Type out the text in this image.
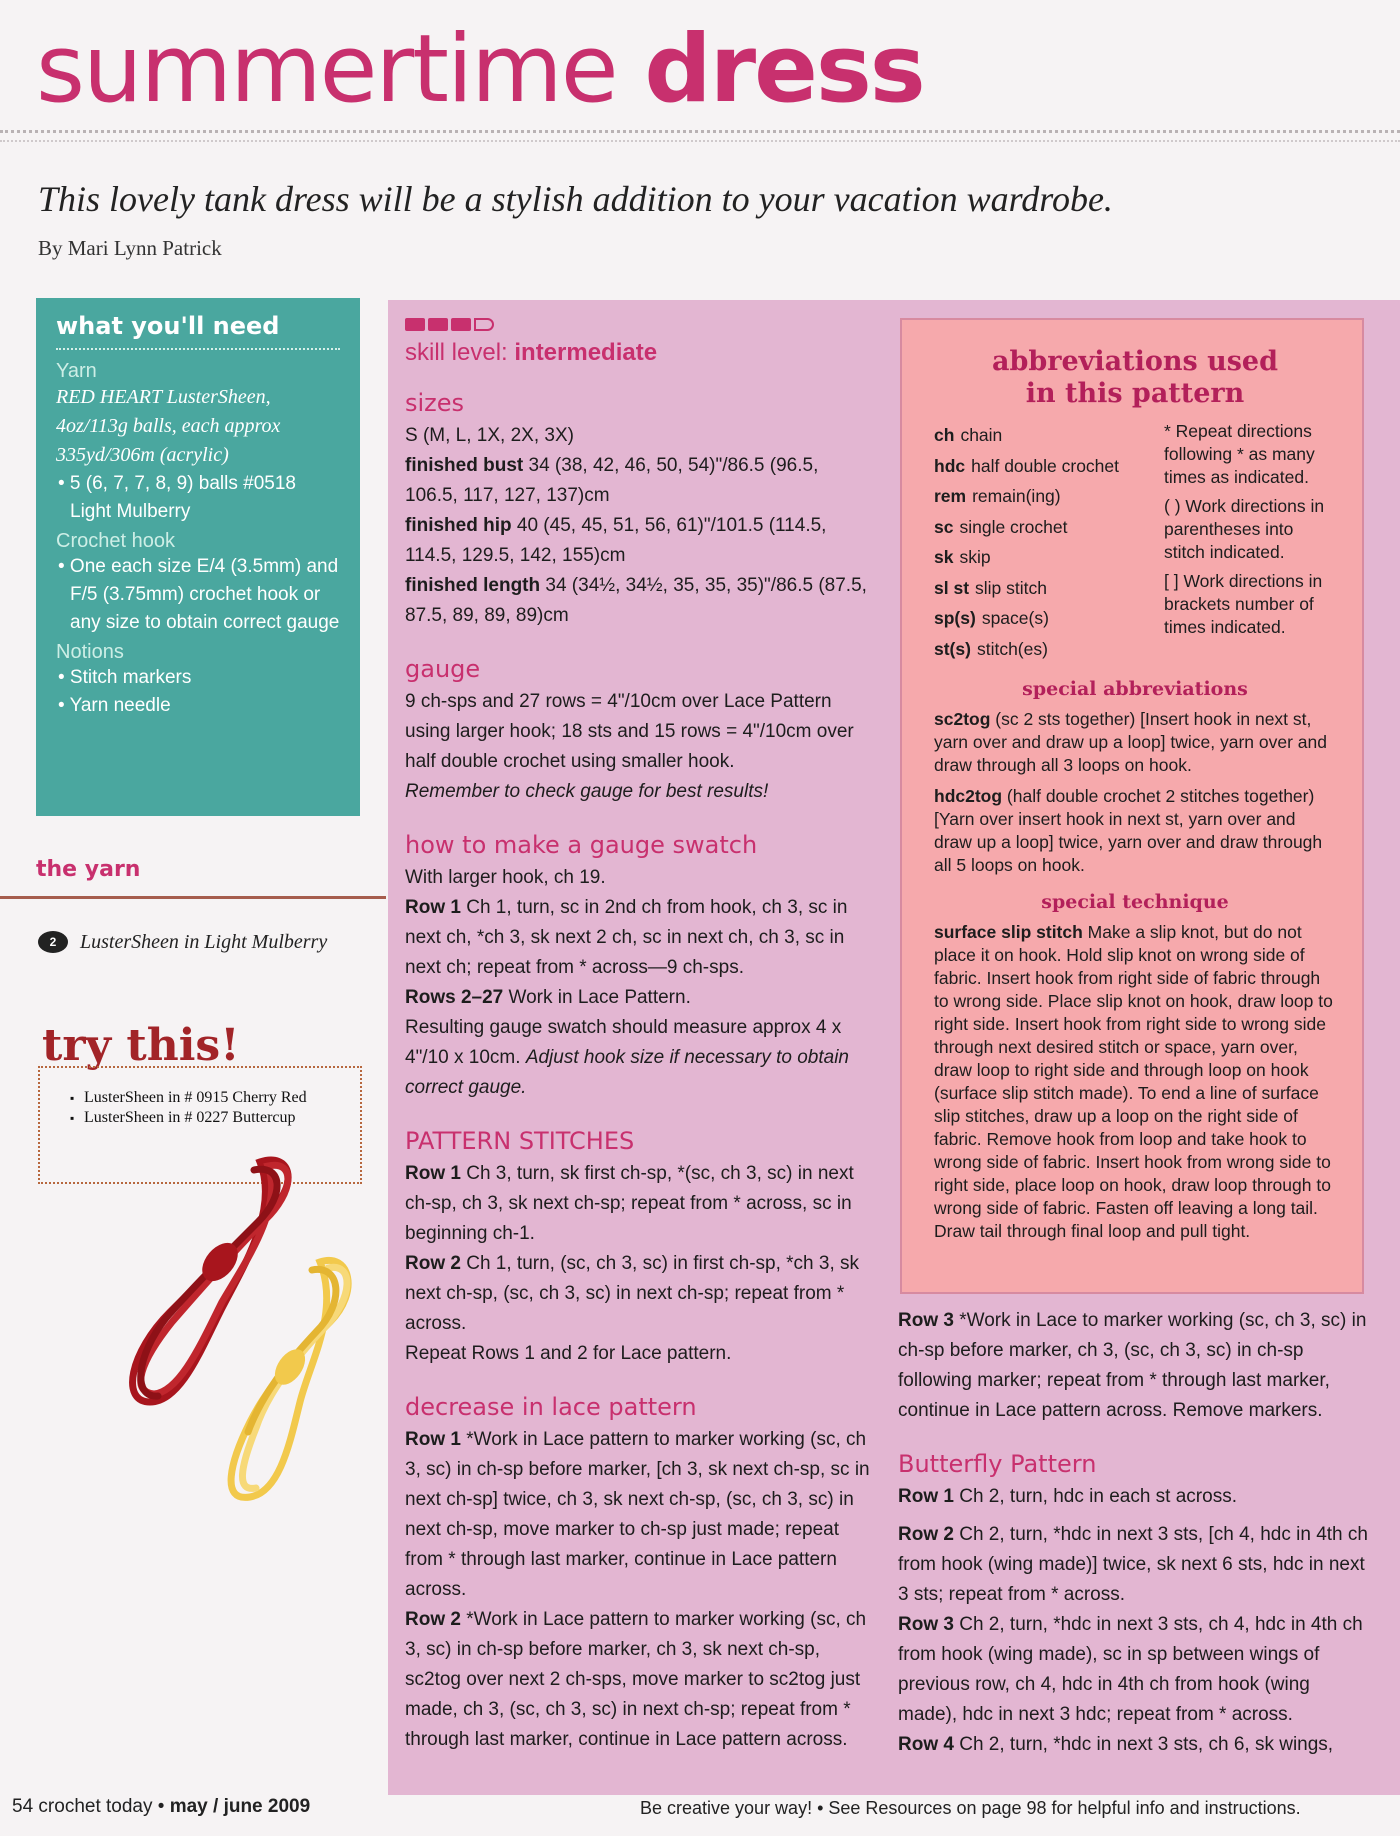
summertime dress
This lovely tank dress will be a stylish addition to your vacation wardrobe.
By Mari Lynn Patrick
what you'll need
Yarn
RED HEART LusterSheen,
4oz/113g balls, each approx
335yd/306m (acrylic)
• 5 (6, 7, 7, 8, 9) balls #0518 Light Mulberry
Crochet hook
• One each size E/4 (3.5mm) and F/5 (3.75mm) crochet hook or any size to obtain correct gauge
Notions
• Stitch markers
• Yarn needle
the yarn
2	LusterSheen in Light Mulberry
try this!
▪ LusterSheen in # 0915 Cherry Red
▪ LusterSheen in # 0227 Buttercup
skill level: intermediate
sizes
S (M, L, 1X, 2X, 3X)
finished bust 34 (38, 42, 46, 50, 54)"/86.5 (96.5, 106.5, 117, 127, 137)cm
finished hip 40 (45, 45, 51, 56, 61)"/101.5 (114.5, 114.5, 129.5, 142, 155)cm
finished length 34 (34½, 34½, 35, 35, 35)"/86.5 (87.5, 87.5, 89, 89, 89)cm
gauge
9 ch-sps and 27 rows = 4"/10cm over Lace Pattern using larger hook; 18 sts and 15 rows = 4"/10cm over half double crochet using smaller hook.
Remember to check gauge for best results!
how to make a gauge swatch
With larger hook, ch 19.
Row 1 Ch 1, turn, sc in 2nd ch from hook, ch 3, sc in next ch, *ch 3, sk next 2 ch, sc in next ch, ch 3, sc in next ch; repeat from * across—9 ch-sps.
Rows 2–27 Work in Lace Pattern.
Resulting gauge swatch should measure approx 4 x 4"/10 x 10cm. Adjust hook size if necessary to obtain correct gauge.
PATTERN STITCHES
Row 1 Ch 3, turn, sk first ch-sp, *(sc, ch 3, sc) in next ch-sp, ch 3, sk next ch-sp; repeat from * across, sc in beginning ch-1.
Row 2 Ch 1, turn, (sc, ch 3, sc) in first ch-sp, *ch 3, sk next ch-sp, (sc, ch 3, sc) in next ch-sp; repeat from * across.
Repeat Rows 1 and 2 for Lace pattern.
decrease in lace pattern
Row 1 *Work in Lace pattern to marker working (sc, ch 3, sc) in ch-sp before marker, [ch 3, sk next ch-sp, sc in next ch-sp] twice, ch 3, sk next ch-sp, (sc, ch 3, sc) in next ch-sp, move marker to ch-sp just made; repeat from * through last marker, continue in Lace pattern across.
Row 2 *Work in Lace pattern to marker working (sc, ch 3, sc) in ch-sp before marker, ch 3, sk next ch-sp, sc2tog over next 2 ch-sps, move marker to sc2tog just made, ch 3, (sc, ch 3, sc) in next ch-sp; repeat from * through last marker, continue in Lace pattern across.
abbreviations used
in this pattern
ch chain
hdc half double crochet
rem remain(ing)
sc single crochet
sk skip
sl st slip stitch
sp(s) space(s)
st(s) stitch(es)
* Repeat directions following * as many times as indicated.
( ) Work directions in parentheses into stitch indicated.
[ ] Work directions in brackets number of times indicated.
special abbreviations
sc2tog (sc 2 sts together) [Insert hook in next st, yarn over and draw up a loop] twice, yarn over and draw through all 3 loops on hook.
hdc2tog (half double crochet 2 stitches together) [Yarn over insert hook in next st, yarn over and draw up a loop] twice, yarn over and draw through all 5 loops on hook.
special technique
surface slip stitch Make a slip knot, but do not place it on hook. Hold slip knot on wrong side of fabric. Insert hook from right side of fabric through to wrong side. Place slip knot on hook, draw loop to right side. Insert hook from right side to wrong side through next desired stitch or space, yarn over, draw loop to right side and through loop on hook (surface slip stitch made). To end a line of surface slip stitches, draw up a loop on the right side of fabric. Remove hook from loop and take hook to wrong side of fabric. Insert hook from wrong side to right side, place loop on hook, draw loop through to wrong side of fabric. Fasten off leaving a long tail. Draw tail through final loop and pull tight.
Row 3 *Work in Lace to marker working (sc, ch 3, sc) in ch-sp before marker, ch 3, (sc, ch 3, sc) in ch-sp following marker; repeat from * through last marker, continue in Lace pattern across. Remove markers.
Butterfly Pattern
Row 1 Ch 2, turn, hdc in each st across.
Row 2 Ch 2, turn, *hdc in next 3 sts, [ch 4, hdc in 4th ch from hook (wing made)] twice, sk next 6 sts, hdc in next 3 sts; repeat from * across.
Row 3 Ch 2, turn, *hdc in next 3 sts, ch 4, hdc in 4th ch from hook (wing made), sc in sp between wings of previous row, ch 4, hdc in 4th ch from hook (wing made), hdc in next 3 hdc; repeat from * across.
Row 4 Ch 2, turn, *hdc in next 3 sts, ch 6, sk wings,
54 crochet today • may / june 2009	Be creative your way! • See Resources on page 98 for helpful info and instructions.
